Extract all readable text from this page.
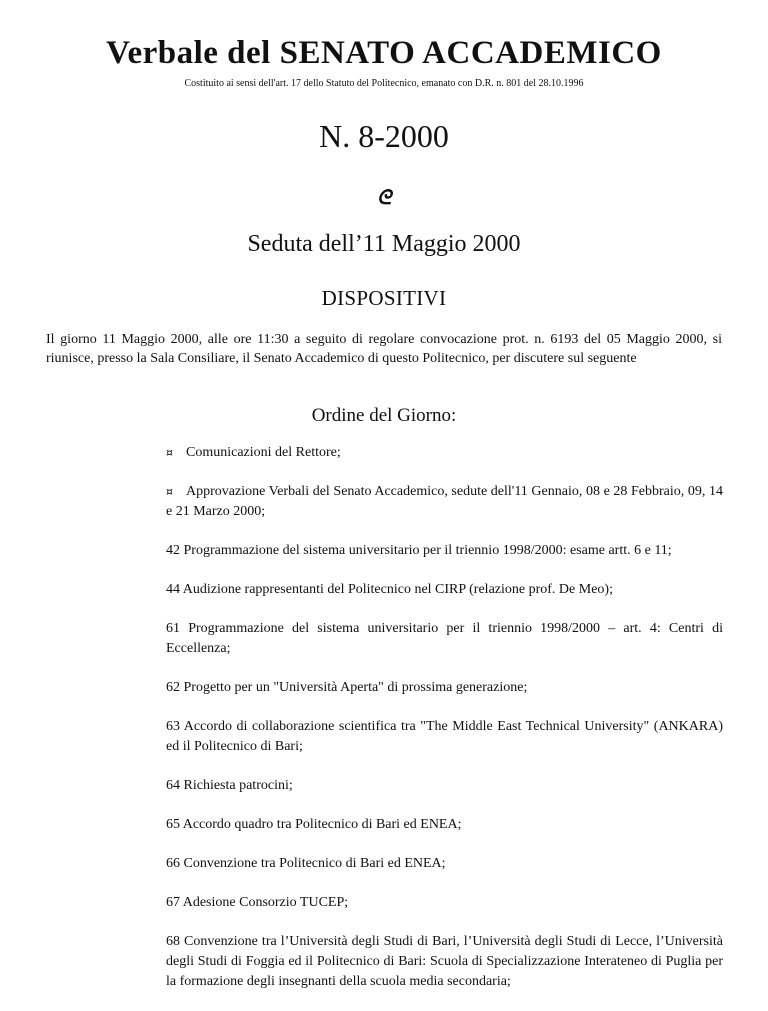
Verbale del SENATO ACCADEMICO
Costituito ai sensi dell'art. 17 dello Statuto del Politecnico, emanato con D.R. n. 801 del 28.10.1996
N. 8-2000
ᘓ
Seduta dell’11 Maggio 2000
DISPOSITIVI

Il giorno 11 Maggio 2000, alle ore 11:30 a seguito di regolare convocazione prot. n. 6193 del 05 Maggio 2000, si riunisce, presso la Sala Consiliare, il Senato Accademico di questo Politecnico, per discutere sul seguente

Ordine del Giorno:
¤ Comunicazioni del Rettore;
¤ Approvazione Verbali del Senato Accademico, sedute dell'11 Gennaio, 08 e 28 Febbraio, 09, 14 e 21 Marzo 2000;
42 Programmazione del sistema universitario per il triennio 1998/2000: esame artt. 6 e 11;
44 Audizione rappresentanti del Politecnico nel CIRP (relazione prof. De Meo);
61 Programmazione del sistema universitario per il triennio 1998/2000 – art. 4: Centri di Eccellenza;
62 Progetto per un "Università Aperta" di prossima generazione;
63 Accordo di collaborazione scientifica tra "The Middle East Technical University" (ANKARA) ed il Politecnico di Bari;
64 Richiesta patrocini;
65 Accordo quadro tra Politecnico di Bari ed ENEA;
66 Convenzione tra Politecnico di Bari ed ENEA;
67 Adesione Consorzio TUCEP;
68 Convenzione tra l’Università degli Studi di Bari, l’Università degli Studi di Lecce, l’Università degli Studi di Foggia ed il Politecnico di Bari: Scuola di Specializzazione Interateneo di Puglia per la formazione degli insegnanti della scuola media secondaria;
